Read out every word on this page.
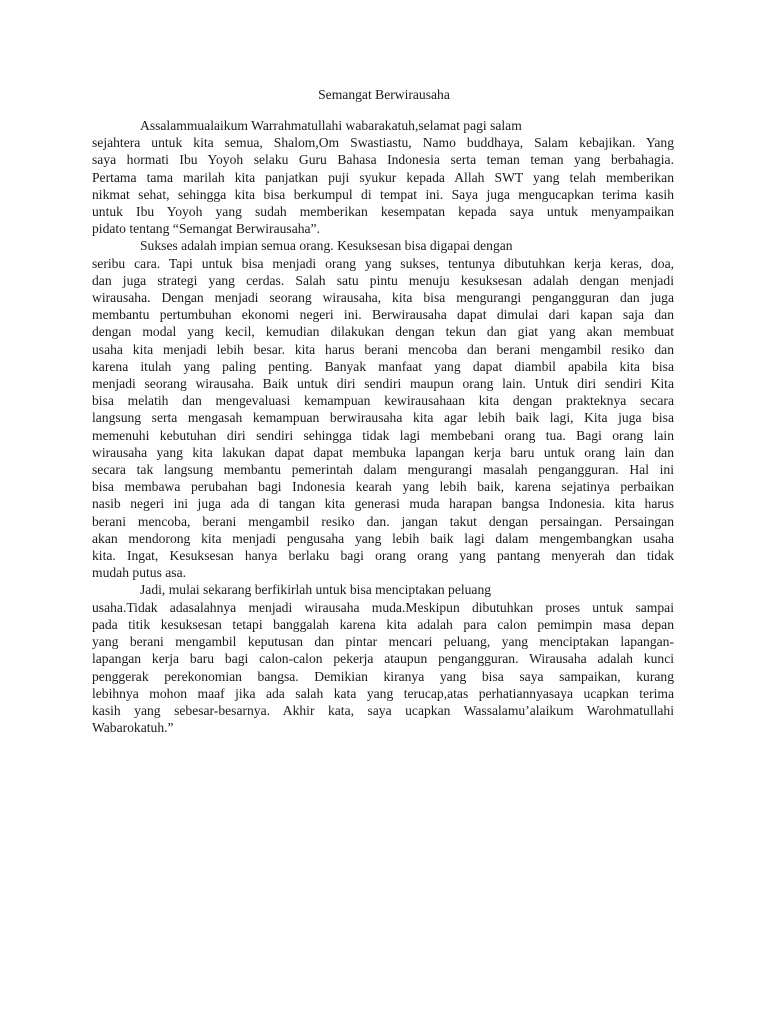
Semangat Berwirausaha
Assalammualaikum Warrahmatullahi wabarakatuh,selamat pagi salam
sejahtera untuk kita semua, Shalom,Om Swastiastu, Namo buddhaya, Salam kebajikan. Yang
saya hormati Ibu Yoyoh selaku Guru Bahasa Indonesia serta teman teman yang berbahagia.
Pertama tama marilah kita panjatkan puji syukur kepada Allah SWT yang telah memberikan
nikmat sehat, sehingga kita bisa berkumpul di tempat ini. Saya juga mengucapkan terima kasih
untuk Ibu Yoyoh yang sudah memberikan kesempatan kepada saya untuk menyampaikan
pidato tentang “Semangat Berwirausaha”.
Sukses adalah impian semua orang. Kesuksesan bisa digapai dengan
seribu cara. Tapi untuk bisa menjadi orang yang sukses, tentunya dibutuhkan kerja keras, doa,
dan juga strategi yang cerdas. Salah satu pintu menuju kesuksesan adalah dengan menjadi
wirausaha. Dengan menjadi seorang wirausaha, kita bisa mengurangi pengangguran dan juga
membantu pertumbuhan ekonomi negeri ini. Berwirausaha dapat dimulai dari kapan saja dan
dengan modal yang kecil, kemudian dilakukan dengan tekun dan giat yang akan membuat
usaha kita menjadi lebih besar. kita harus berani mencoba dan berani mengambil resiko dan
karena itulah yang paling penting. Banyak manfaat yang dapat diambil apabila kita bisa
menjadi seorang wirausaha. Baik untuk diri sendiri maupun orang lain. Untuk diri sendiri Kita
bisa melatih dan mengevaluasi kemampuan kewirausahaan kita dengan prakteknya secara
langsung serta mengasah kemampuan berwirausaha kita agar lebih baik lagi, Kita juga bisa
memenuhi kebutuhan diri sendiri sehingga tidak lagi membebani orang tua. Bagi orang lain
wirausaha yang kita lakukan dapat dapat membuka lapangan kerja baru untuk orang lain dan
secara tak langsung membantu pemerintah dalam mengurangi masalah pengangguran. Hal ini
bisa membawa perubahan bagi Indonesia kearah yang lebih baik, karena sejatinya perbaikan
nasib negeri ini juga ada di tangan kita generasi muda harapan bangsa Indonesia. kita harus
berani mencoba, berani mengambil resiko dan. jangan takut dengan persaingan. Persaingan
akan mendorong kita menjadi pengusaha yang lebih baik lagi dalam mengembangkan usaha
kita. Ingat, Kesuksesan hanya berlaku bagi orang orang yang pantang menyerah dan tidak
mudah putus asa.
Jadi, mulai sekarang berfikirlah untuk bisa menciptakan peluang
usaha.Tidak adasalahnya menjadi wirausaha muda.Meskipun dibutuhkan proses untuk sampai
pada titik kesuksesan tetapi banggalah karena kita adalah para calon pemimpin masa depan
yang berani mengambil keputusan dan pintar mencari peluang, yang menciptakan lapangan-
lapangan kerja baru bagi calon-calon pekerja ataupun pengangguran. Wirausaha adalah kunci
penggerak perekonomian bangsa. Demikian kiranya yang bisa saya sampaikan, kurang
lebihnya mohon maaf jika ada salah kata yang terucap,atas perhatiannyasaya ucapkan terima
kasih yang sebesar-besarnya. Akhir kata, saya ucapkan Wassalamu’alaikum Warohmatullahi
Wabarokatuh.”
